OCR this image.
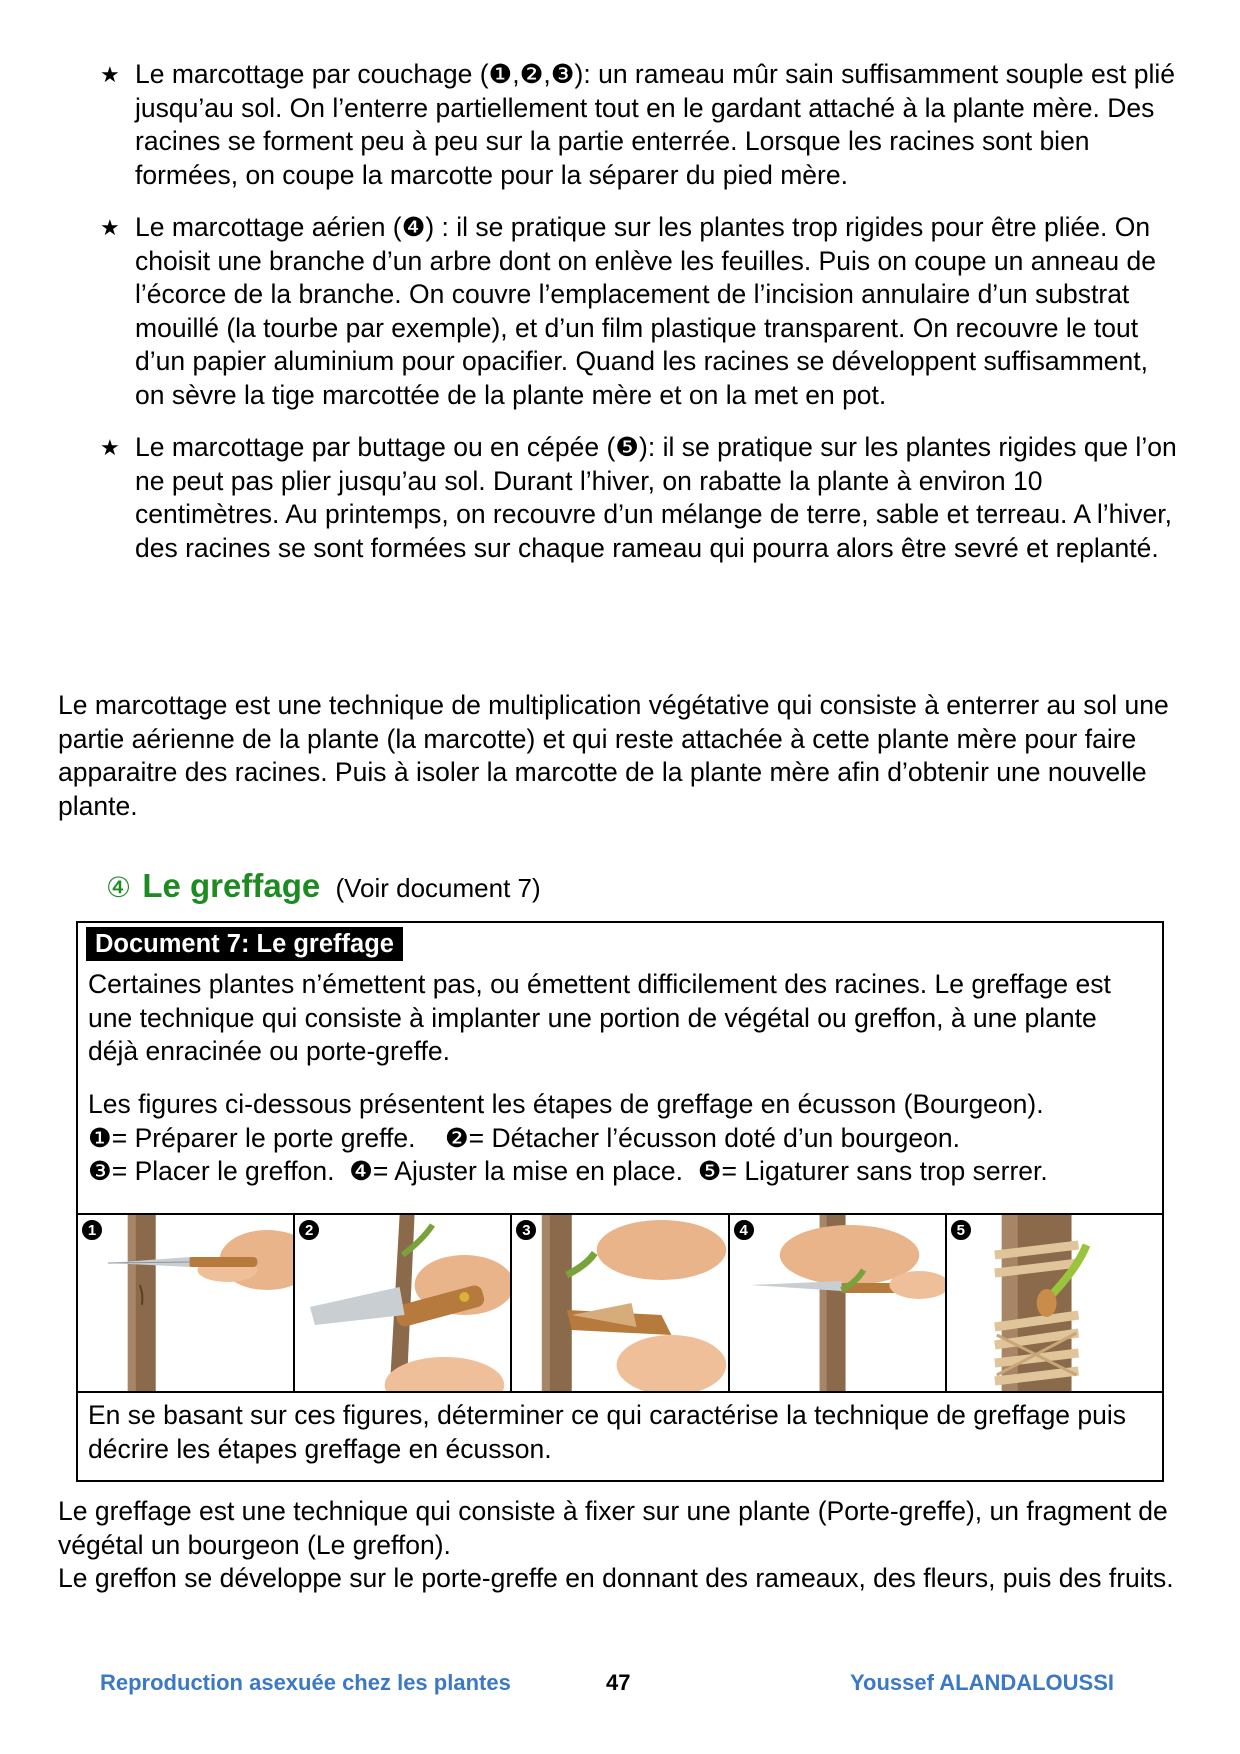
★ Le marcottage par couchage (❶,❷,❸): un rameau mûr sain suffisamment souple est plié jusqu’au sol. On l’enterre partiellement tout en le gardant attaché à la plante mère. Des racines se forment peu à peu sur la partie enterrée. Lorsque les racines sont bien formées, on coupe la marcotte pour la séparer du pied mère.
★ Le marcottage aérien (❹) : il se pratique sur les plantes trop rigides pour être pliée. On choisit une branche d’un arbre dont on enlève les feuilles. Puis on coupe un anneau de l’écorce de la branche. On couvre l’emplacement de l’incision annulaire d’un substrat mouillé (la tourbe par exemple), et d’un film plastique transparent. On recouvre le tout d’un papier aluminium pour opacifier. Quand les racines se développent suffisamment, on sèvre la tige marcottée de la plante mère et on la met en pot.
★ Le marcottage par buttage ou en cépée (❺): il se pratique sur les plantes rigides que l’on ne peut pas plier jusqu’au sol. Durant l’hiver, on rabatte la plante à environ 10 centimètres. Au printemps, on recouvre d’un mélange de terre, sable et terreau. A l’hiver, des racines se sont formées sur chaque rameau qui pourra alors être sevré et replanté.
Le marcottage est une technique de multiplication végétative qui consiste à enterrer au sol une partie aérienne de la plante (la marcotte) et qui reste attachée à cette plante mère pour faire apparaitre des racines. Puis à isoler la marcotte de la plante mère afin d’obtenir une nouvelle plante.
④ Le greffage (Voir document 7)
Document 7: Le greffage
Certaines plantes n’émettent pas, ou émettent difficilement des racines. Le greffage est une technique qui consiste à implanter une portion de végétal ou greffon, à une plante déjà enracinée ou porte-greffe.
Les figures ci-dessous présentent les étapes de greffage en écusson (Bourgeon).
❶= Préparer le porte greffe.    ❷= Détacher l’écusson doté d’un bourgeon.
❸= Placer le greffon.  ❹= Ajuster la mise en place.  ❺= Ligaturer sans trop serrer.
1	2	3	4	5
En se basant sur ces figures, déterminer ce qui caractérise la technique de greffage puis décrire les étapes greffage en écusson.
Le greffage est une technique qui consiste à fixer sur une plante (Porte-greffe), un fragment de végétal un bourgeon (Le greffon).
Le greffon se développe sur le porte-greffe en donnant des rameaux, des fleurs, puis des fruits.
Reproduction asexuée chez les plantes	47	Youssef ALANDALOUSSI
